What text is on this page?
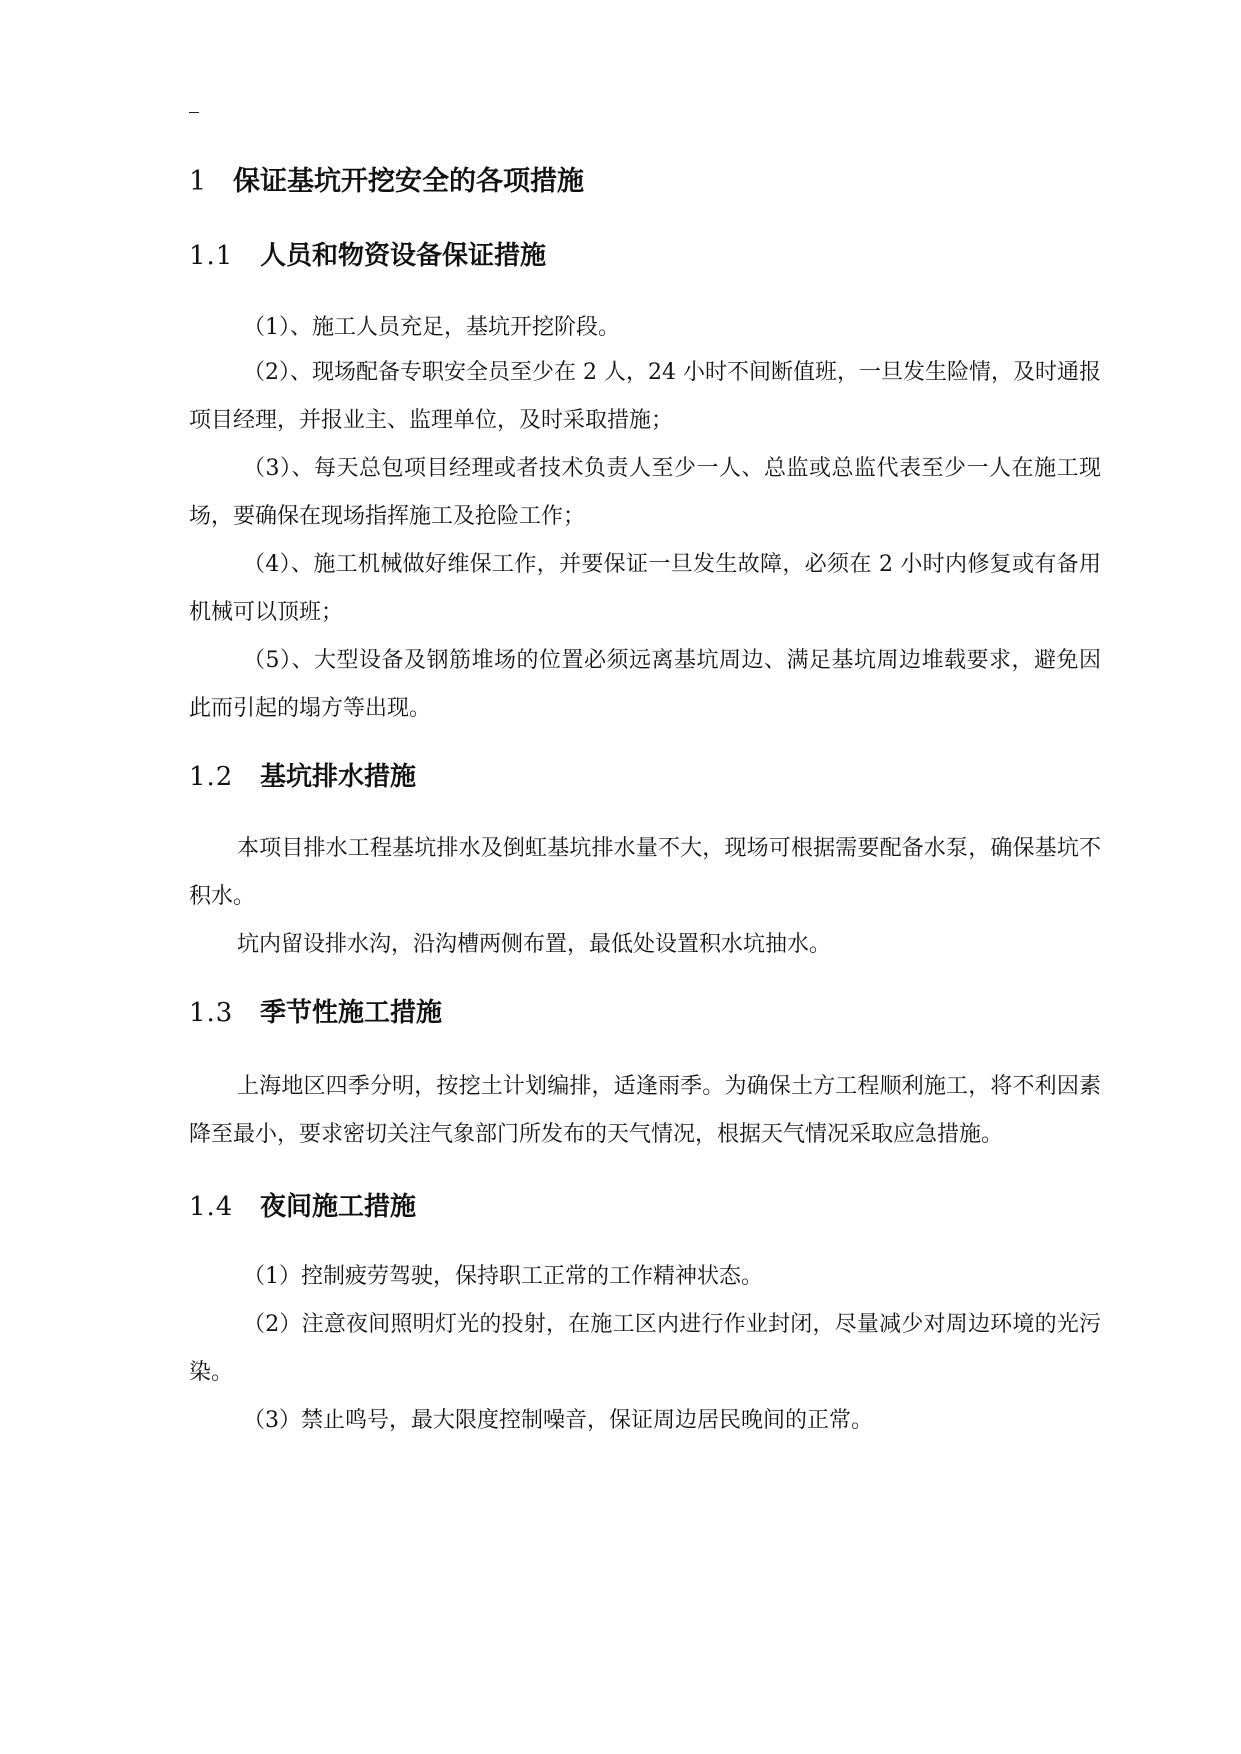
1 保证基坑开挖安全的各项措施
1.1	人员和物资设备保证措施

（1）、施工人员充足，基坑开挖阶段。

（2）、现场配备专职安全员至少在 2 人，24 小时不间断值班，一旦发生险情，及时通报项目经理，并报业主、监理单位，及时采取措施；

（3）、每天总包项目经理或者技术负责人至少一人、总监或总监代表至少一人在施工现场，要确保在现场指挥施工及抢险工作；

（4）、施工机械做好维保工作，并要保证一旦发生故障，必须在 2 小时内修复或有备用机械可以顶班；

（5）、大型设备及钢筋堆场的位置必须远离基坑周边、满足基坑周边堆载要求，避免因此而引起的塌方等出现。

1.2	基坑排水措施

本项目排水工程基坑排水及倒虹基坑排水量不大，现场可根据需要配备水泵，确保基坑不积水。

坑内留设排水沟，沿沟槽两侧布置，最低处设置积水坑抽水。

1.3	季节性施工措施

上海地区四季分明，按挖土计划编排，适逢雨季。为确保土方工程顺利施工，将不利因素降至最小，要求密切关注气象部门所发布的天气情况，根据天气情况采取应急措施。

1.4	夜间施工措施

（1）控制疲劳驾驶，保持职工正常的工作精神状态。

（2）注意夜间照明灯光的投射，在施工区内进行作业封闭，尽量减少对周边环境的光污染。

（3）禁止鸣号，最大限度控制噪音，保证周边居民晚间的正常。
